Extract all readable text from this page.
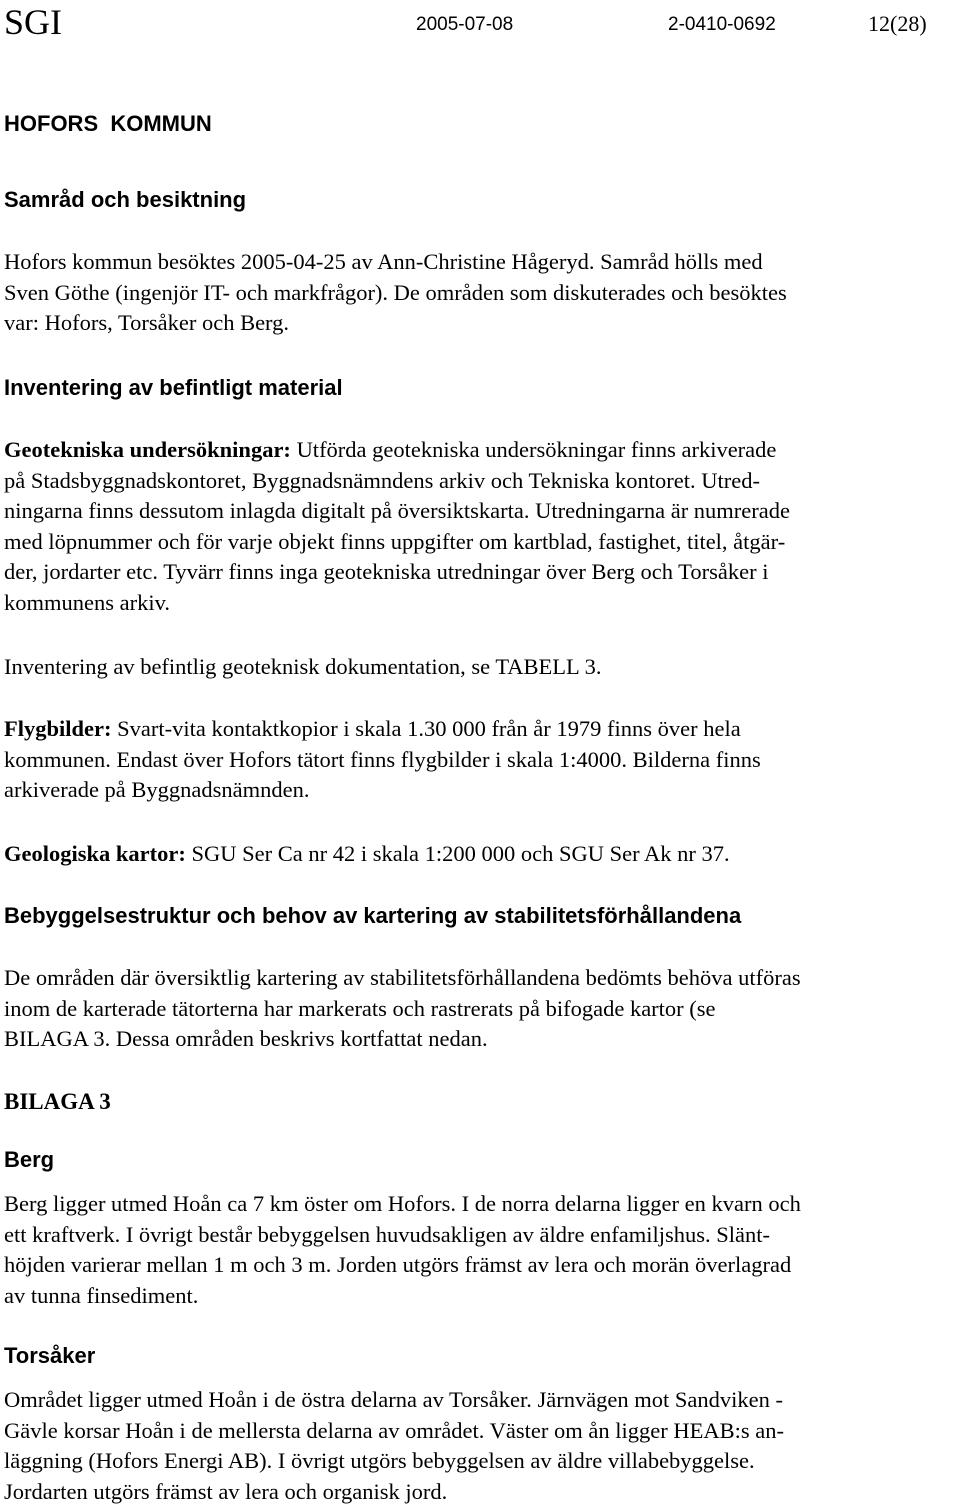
SGI	2005-07-08	2-0410-0692	12(28)
HOFORS  KOMMUN
Samråd och besiktning
Hofors kommun besöktes 2005-04-25 av Ann-Christine Hågeryd. Samråd hölls med
Sven Göthe (ingenjör IT- och markfrågor). De områden som diskuterades och besöktes
var: Hofors, Torsåker och Berg.
Inventering av befintligt material
Geotekniska undersökningar: Utförda geotekniska undersökningar finns arkiverade
på Stadsbyggnadskontoret, Byggnadsnämndens arkiv och Tekniska kontoret. Utred-
ningarna finns dessutom inlagda digitalt på översiktskarta. Utredningarna är numrerade
med löpnummer och för varje objekt finns uppgifter om kartblad, fastighet, titel, åtgär-
der, jordarter etc. Tyvärr finns inga geotekniska utredningar över Berg och Torsåker i
kommunens arkiv.
Inventering av befintlig geoteknisk dokumentation, se TABELL 3.
Flygbilder: Svart-vita kontaktkopior i skala 1.30 000 från år 1979 finns över hela
kommunen. Endast över Hofors tätort finns flygbilder i skala 1:4000. Bilderna finns
arkiverade på Byggnadsnämnden.
Geologiska kartor: SGU Ser Ca nr 42 i skala 1:200 000 och SGU Ser Ak nr 37.
Bebyggelsestruktur och behov av kartering av stabilitetsförhållandena
De områden där översiktlig kartering av stabilitetsförhållandena bedömts behöva utföras
inom de karterade tätorterna har markerats och rastrerats på bifogade kartor (se
BILAGA 3. Dessa områden beskrivs kortfattat nedan.
BILAGA 3
Berg
Berg ligger utmed Hoån ca 7 km öster om Hofors. I de norra delarna ligger en kvarn och
ett kraftverk. I övrigt består bebyggelsen huvudsakligen av äldre enfamiljshus. Slänt-
höjden varierar mellan 1 m och 3 m. Jorden utgörs främst av lera och morän överlagrad
av tunna finsediment.
Torsåker
Området ligger utmed Hoån i de östra delarna av Torsåker. Järnvägen mot Sandviken -
Gävle korsar Hoån i de mellersta delarna av området. Väster om ån ligger HEAB:s an-
läggning (Hofors Energi AB). I övrigt utgörs bebyggelsen av äldre villabebyggelse.
Jordarten utgörs främst av lera och organisk jord.
